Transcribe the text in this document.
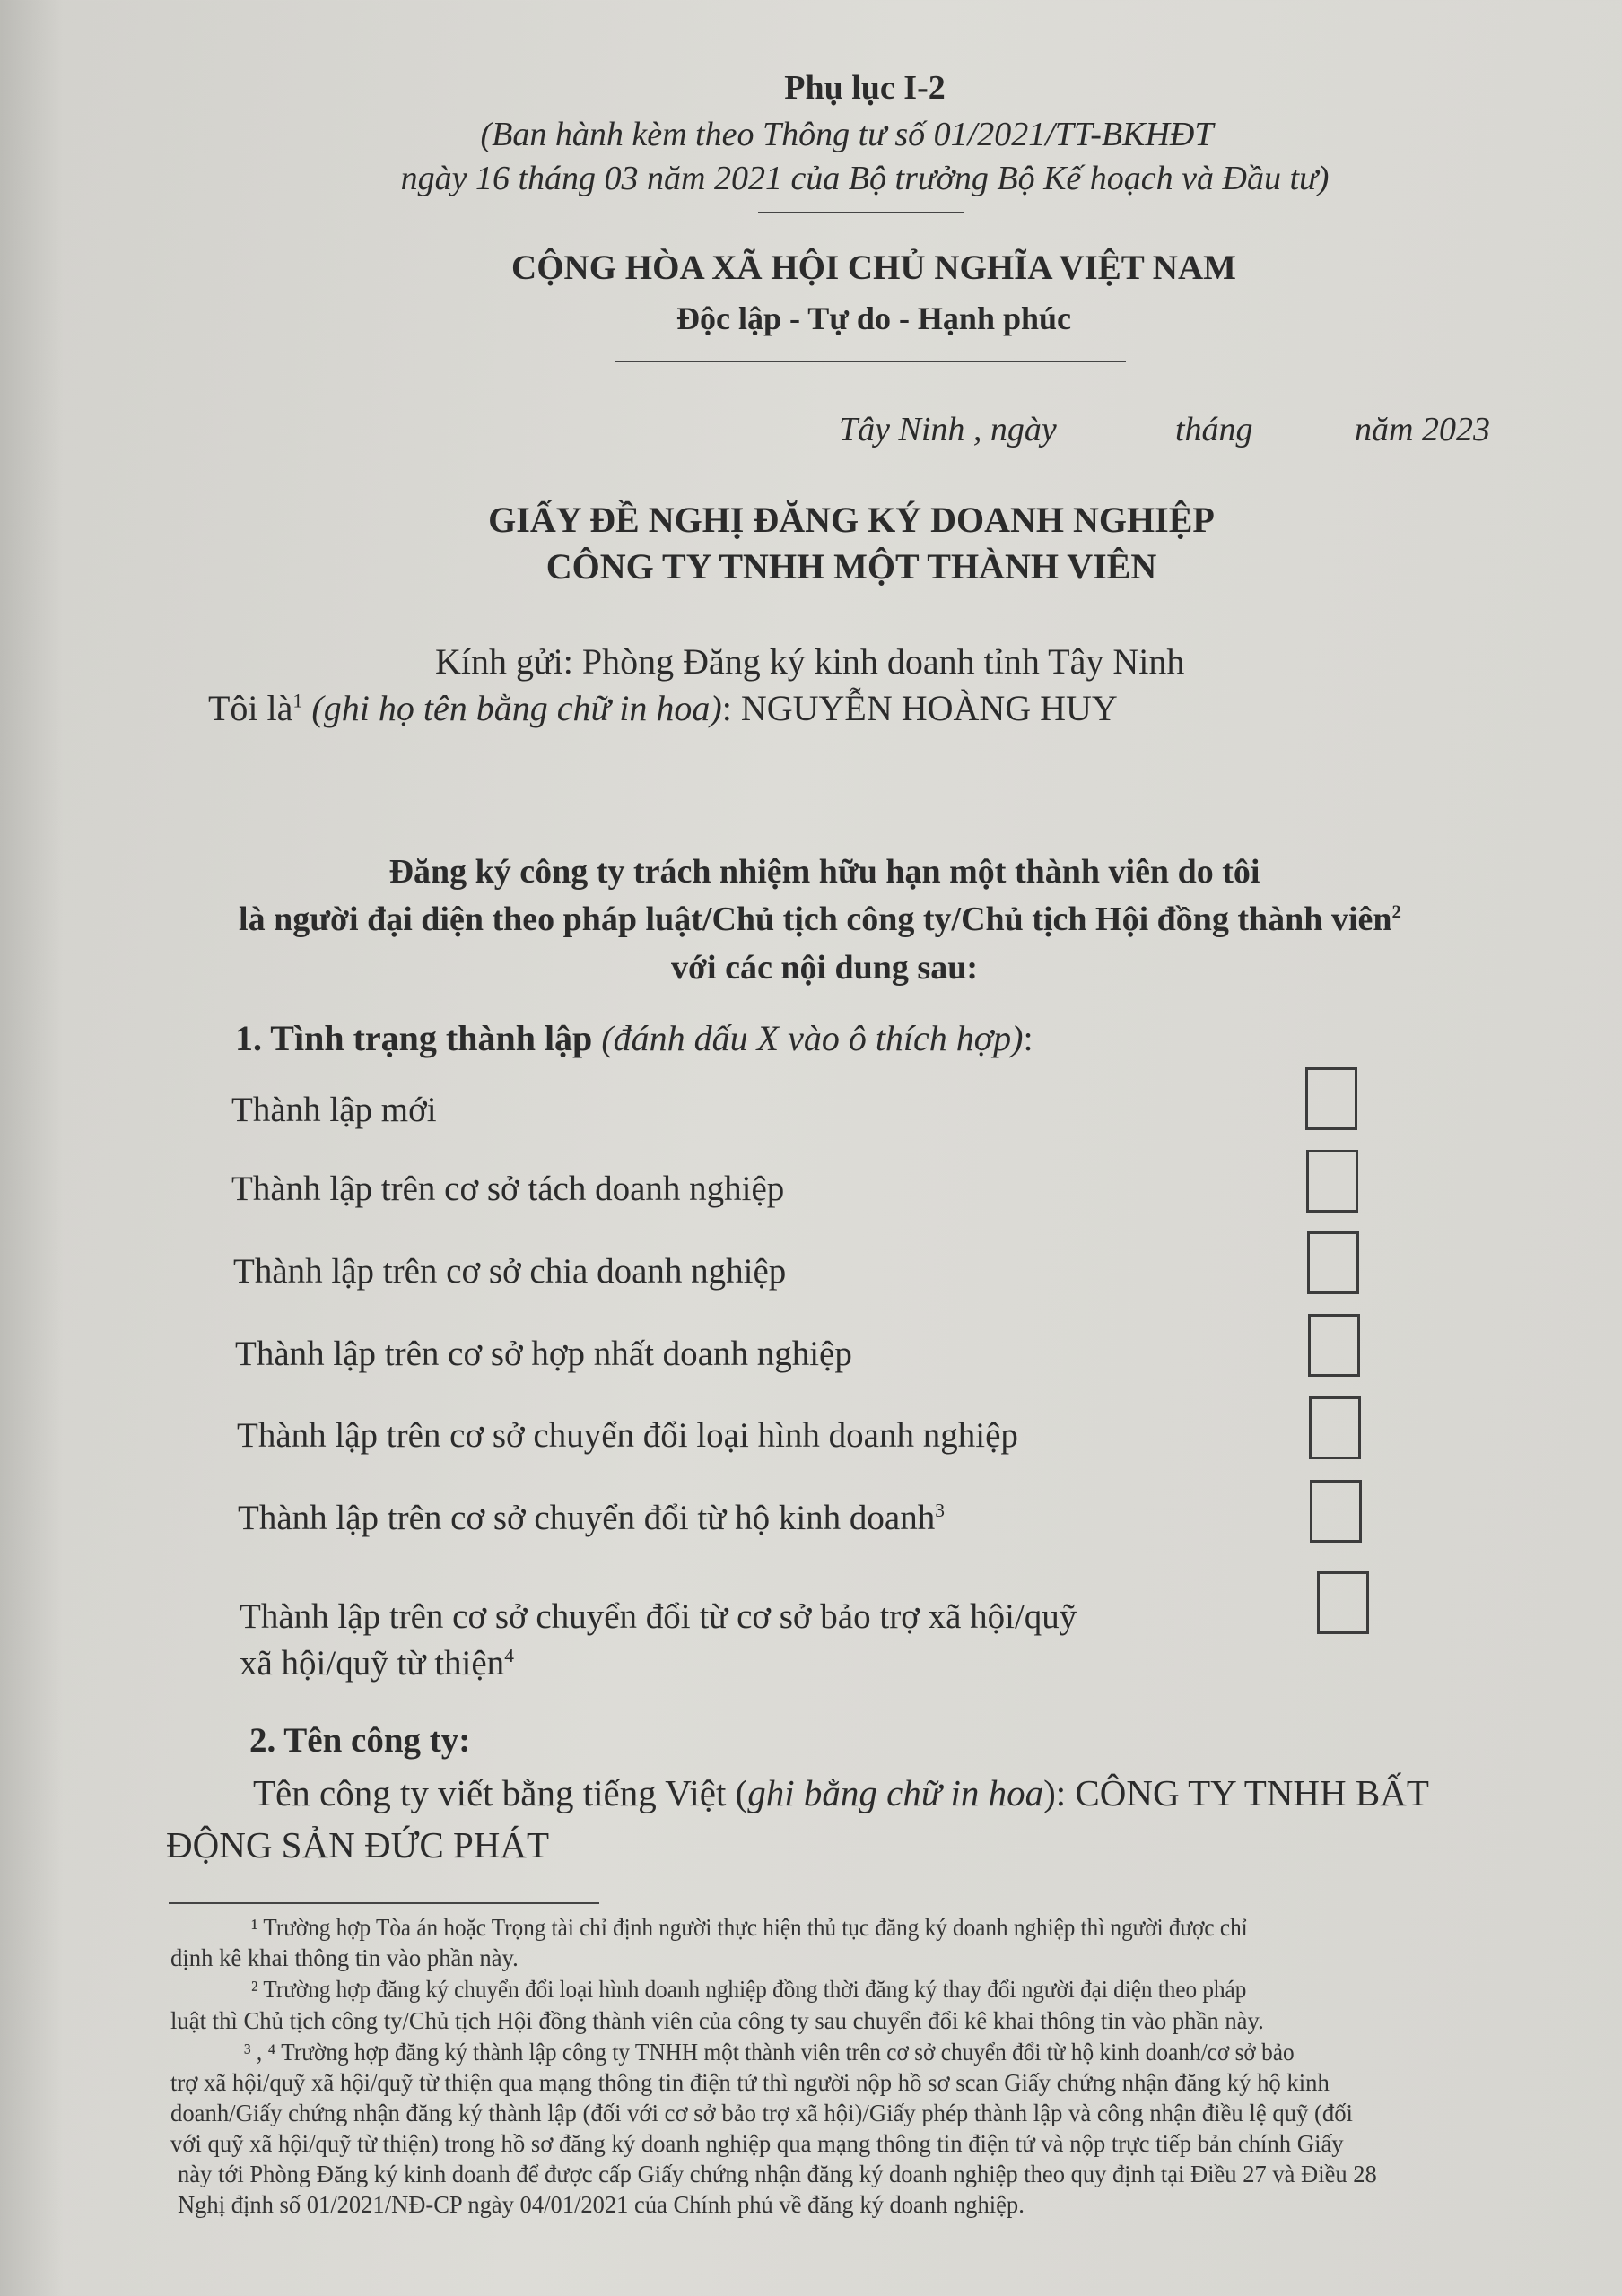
Phụ lục I-2
(Ban hành kèm theo Thông tư số 01/2021/TT-BKHĐT
ngày 16 tháng 03 năm 2021 của Bộ trưởng Bộ Kế hoạch và Đầu tư)
CỘNG HÒA XÃ HỘI CHỦ NGHĨA VIỆT NAM
Độc lập - Tự do - Hạnh phúc
Tây Ninh , ngày	tháng	năm 2023
GIẤY ĐỀ NGHỊ ĐĂNG KÝ DOANH NGHIỆP
CÔNG TY TNHH MỘT THÀNH VIÊN
Kính gửi: Phòng Đăng ký kinh doanh tỉnh Tây Ninh
Tôi $là^1$ (ghi họ tên bằng chữ in hoa): NGUYỄN HOÀNG HUY
Đăng ký công ty trách nhiệm hữu hạn một thành viên do tôi
là người đại diện theo pháp luật/Chủ tịch công ty/Chủ tịch Hội đồng thành viên$^2$
với các nội dung sau:
1. Tình trạng thành lập (đánh dấu X vào ô thích hợp):
Thành lập mới
Thành lập trên cơ sở tách doanh nghiệp
Thành lập trên cơ sở chia doanh nghiệp
Thành lập trên cơ sở hợp nhất doanh nghiệp
Thành lập trên cơ sở chuyển đổi loại hình doanh nghiệp
Thành lập trên cơ sở chuyển đổi từ hộ kinh doanh$^3$
Thành lập trên cơ sở chuyển đổi từ cơ sở bảo trợ xã hội/quỹ
xã hội/quỹ từ thiện$^4$
2. Tên công ty:
Tên công ty viết bằng tiếng Việt (ghi bằng chữ in hoa): CÔNG TY TNHH BẤT
ĐỘNG SẢN ĐỨC PHÁT
¹ Trường hợp Tòa án hoặc Trọng tài chỉ định người thực hiện thủ tục đăng ký doanh nghiệp thì người được chỉ
định kê khai thông tin vào phần này.
² Trường hợp đăng ký chuyển đổi loại hình doanh nghiệp đồng thời đăng ký thay đổi người đại diện theo pháp
luật thì Chủ tịch công ty/Chủ tịch Hội đồng thành viên của công ty sau chuyển đổi kê khai thông tin vào phần này.
³ , ⁴ Trường hợp đăng ký thành lập công ty TNHH một thành viên trên cơ sở chuyển đổi từ hộ kinh doanh/cơ sở bảo
trợ xã hội/quỹ xã hội/quỹ từ thiện qua mạng thông tin điện tử thì người nộp hồ sơ scan Giấy chứng nhận đăng ký hộ kinh
doanh/Giấy chứng nhận đăng ký thành lập (đối với cơ sở bảo trợ xã hội)/Giấy phép thành lập và công nhận điều lệ quỹ (đối
với quỹ xã hội/quỹ từ thiện) trong hồ sơ đăng ký doanh nghiệp qua mạng thông tin điện tử và nộp trực tiếp bản chính Giấy
này tới Phòng Đăng ký kinh doanh để được cấp Giấy chứng nhận đăng ký doanh nghiệp theo quy định tại Điều 27 và Điều 28
Nghị định số 01/2021/NĐ-CP ngày 04/01/2021 của Chính phủ về đăng ký doanh nghiệp.
